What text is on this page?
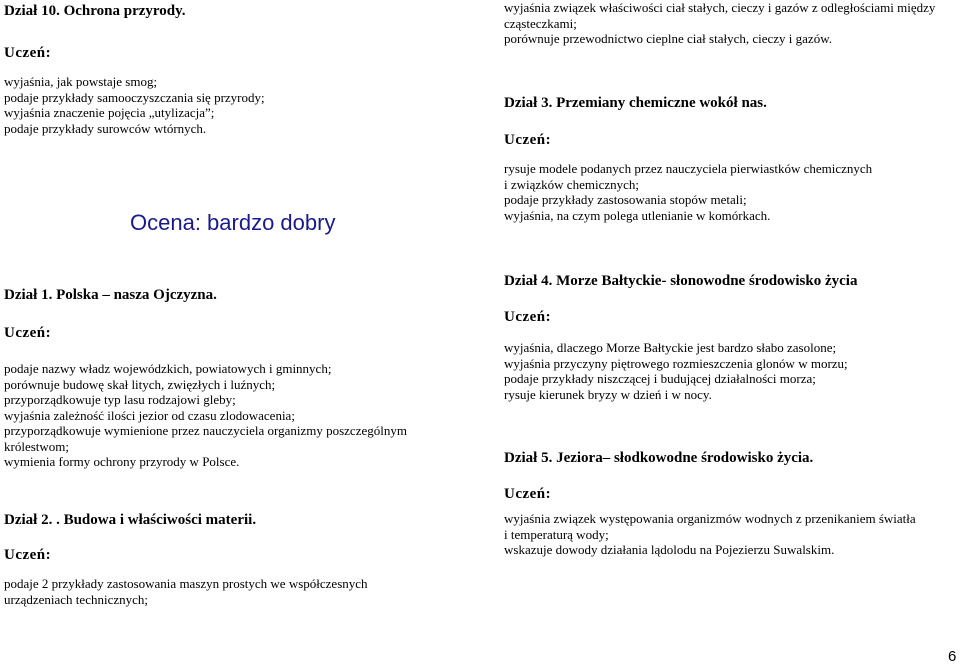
Dział 10. Ochrona przyrody.
Uczeń:
wyjaśnia, jak powstaje smog;
podaje przykłady samooczyszczania się przyrody;
wyjaśnia znaczenie pojęcia „utylizacja”;
podaje przykłady surowców wtórnych.
Ocena: bardzo dobry
wyjaśnia związek właściwości ciał stałych, cieczy i gazów z odległościami między
cząsteczkami;
porównuje przewodnictwo cieplne ciał stałych, cieczy i gazów.
Dział 3. Przemiany chemiczne wokół nas.
Uczeń:
rysuje modele podanych przez nauczyciela pierwiastków chemicznych
i związków chemicznych;
podaje przykłady zastosowania stopów metali;
wyjaśnia, na czym polega utlenianie w komórkach.
Dział 1. Polska – nasza Ojczyzna.
Uczeń:
podaje nazwy władz wojewódzkich, powiatowych i gminnych;
porównuje budowę skał litych, zwięzłych i luźnych;
przyporządkowuje typ lasu rodzajowi gleby;
wyjaśnia zależność ilości jezior od czasu zlodowacenia;
przyporządkowuje wymienione przez nauczyciela organizmy poszczególnym
królestwom;
wymienia formy ochrony przyrody w Polsce.
Dział 2. . Budowa i właściwości materii.
Uczeń:
podaje 2 przykłady zastosowania maszyn prostych we współczesnych
urządzeniach technicznych;
Dział 4. Morze Bałtyckie- słonowodne środowisko życia
Uczeń:
wyjaśnia, dlaczego Morze Bałtyckie jest bardzo słabo zasolone;
wyjaśnia przyczyny piętrowego rozmieszczenia glonów w morzu;
podaje przykłady niszczącej i budującej działalności morza;
rysuje kierunek bryzy w dzień i w nocy.
Dział 5. Jeziora– słodkowodne środowisko życia.
Uczeń:
wyjaśnia związek występowania organizmów wodnych z przenikaniem światła
i temperaturą wody;
wskazuje dowody działania lądolodu na Pojezierzu Suwalskim.
6
